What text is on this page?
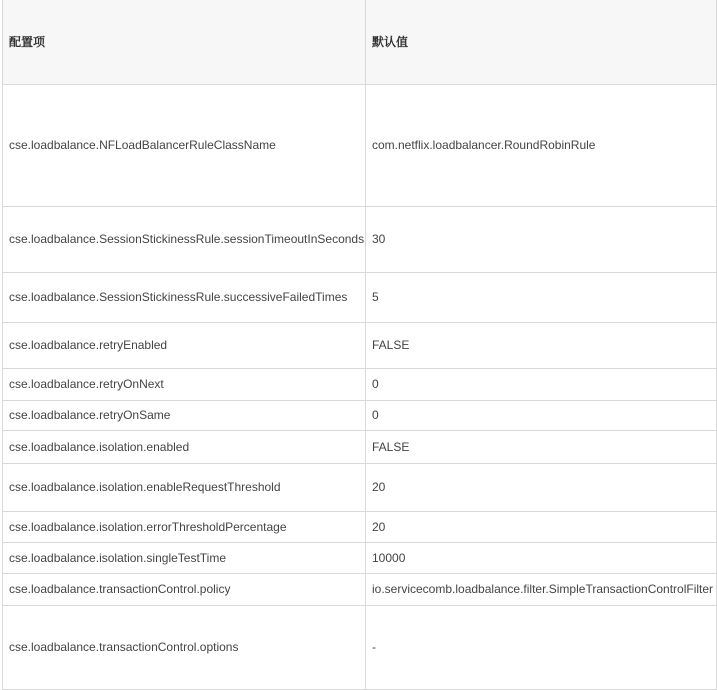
配置项	默认值
cse.loadbalance.NFLoadBalancerRuleClassName	com.netflix.loadbalancer.RoundRobinRule
cse.loadbalance.SessionStickinessRule.sessionTimeoutInSeconds	30
cse.loadbalance.SessionStickinessRule.successiveFailedTimes	5
cse.loadbalance.retryEnabled	FALSE
cse.loadbalance.retryOnNext	0
cse.loadbalance.retryOnSame	0
cse.loadbalance.isolation.enabled	FALSE
cse.loadbalance.isolation.enableRequestThreshold	20
cse.loadbalance.isolation.errorThresholdPercentage	20
cse.loadbalance.isolation.singleTestTime	10000
cse.loadbalance.transactionControl.policy	io.servicecomb.loadbalance.filter.SimpleTransactionControlFilter
cse.loadbalance.transactionControl.options	-
